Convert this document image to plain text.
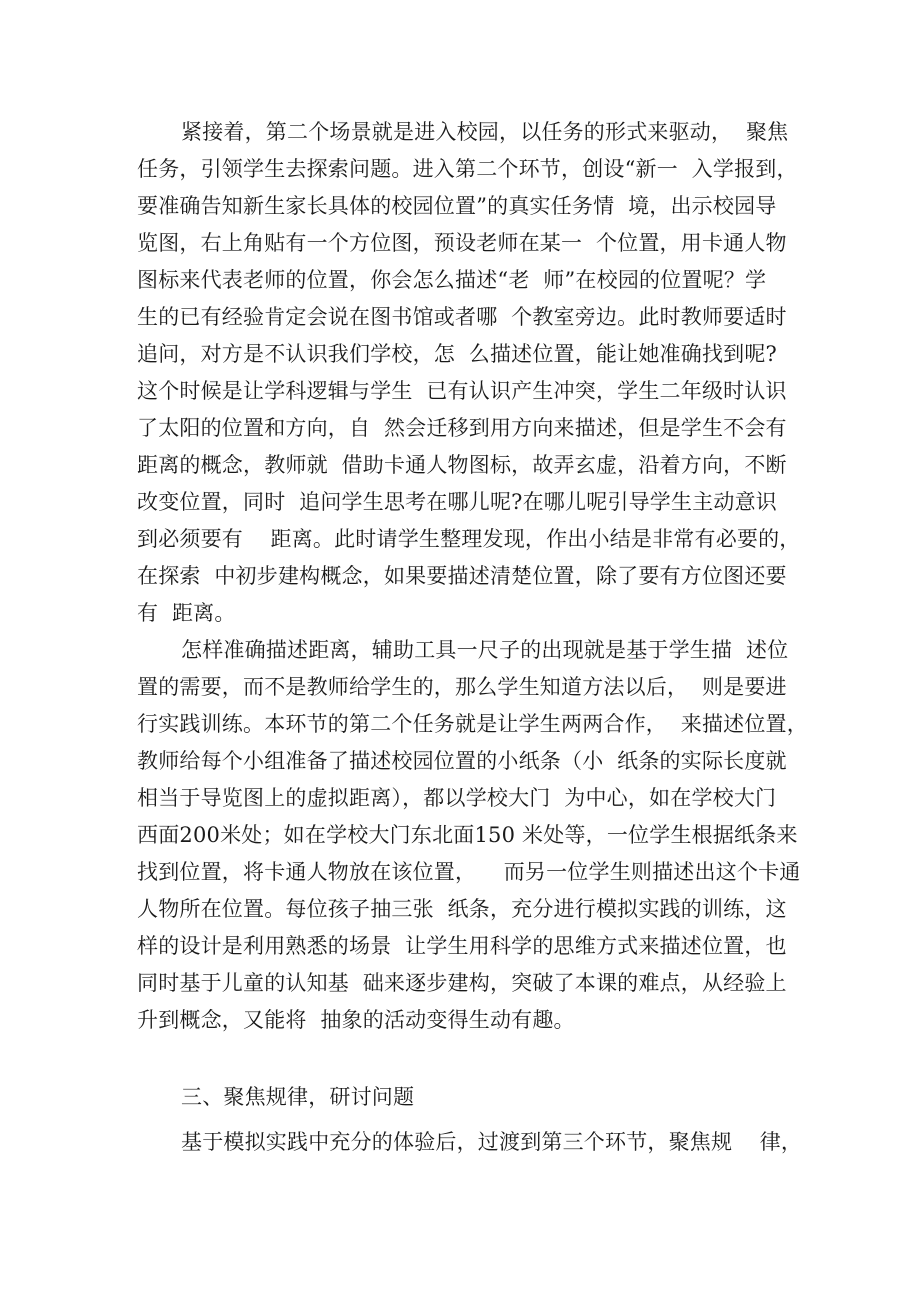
紧接着，第二个场景就是进入校园，以任务的形式来驱动，  聚焦
任务，引领学生去探索问题。进入第二个环节，创设“新一  入学报到，
要准确告知新生家长具体的校园位置”的真实任务情  境，出示校园导
览图，右上角贴有一个方位图，预设老师在某一  个位置，用卡通人物
图标来代表老师的位置，你会怎么描述“老  师”在校园的位置呢？学
生的已有经验肯定会说在图书馆或者哪  个教室旁边。此时教师要适时
追问，对方是不认识我们学校，怎  么描述位置，能让她准确找到呢?
这个时候是让学科逻辑与学生  已有认识产生冲突，学生二年级时认识
了太阳的位置和方向，自  然会迁移到用方向来描述，但是学生不会有
距离的概念，教师就  借助卡通人物图标，故弄玄虚，沿着方向，不断
改变位置，同时  追问学生思考在哪儿呢?在哪儿呢引导学生主动意识
到必须要有    距离。此时请学生整理发现，作出小结是非常有必要的，
在探索  中初步建构概念，如果要描述清楚位置，除了要有方位图还要
有  距离。
怎样准确描述距离，辅助工具一尺子的出现就是基于学生描  述位
置的需要，而不是教师给学生的，那么学生知道方法以后，  则是要进
行实践训练。本环节的第二个任务就是让学生两两合作，  来描述位置，
教师给每个小组准备了描述校园位置的小纸条（小  纸条的实际长度就
相当于导览图上的虚拟距离），都以学校大门  为中心，如在学校大门
西面200米处；如在学校大门东北面150 米处等，一位学生根据纸条来
找到位置，将卡通人物放在该位置，    而另一位学生则描述出这个卡通
人物所在位置。每位孩子抽三张  纸条，充分进行模拟实践的训练，这
样的设计是利用熟悉的场景  让学生用科学的思维方式来描述位置，也
同时基于儿童的认知基  础来逐步建构，突破了本课的难点，从经验上
升到概念，又能将  抽象的活动变得生动有趣。
三、聚焦规律，研讨问题
基于模拟实践中充分的体验后，过渡到第三个环节，聚焦规    律，
